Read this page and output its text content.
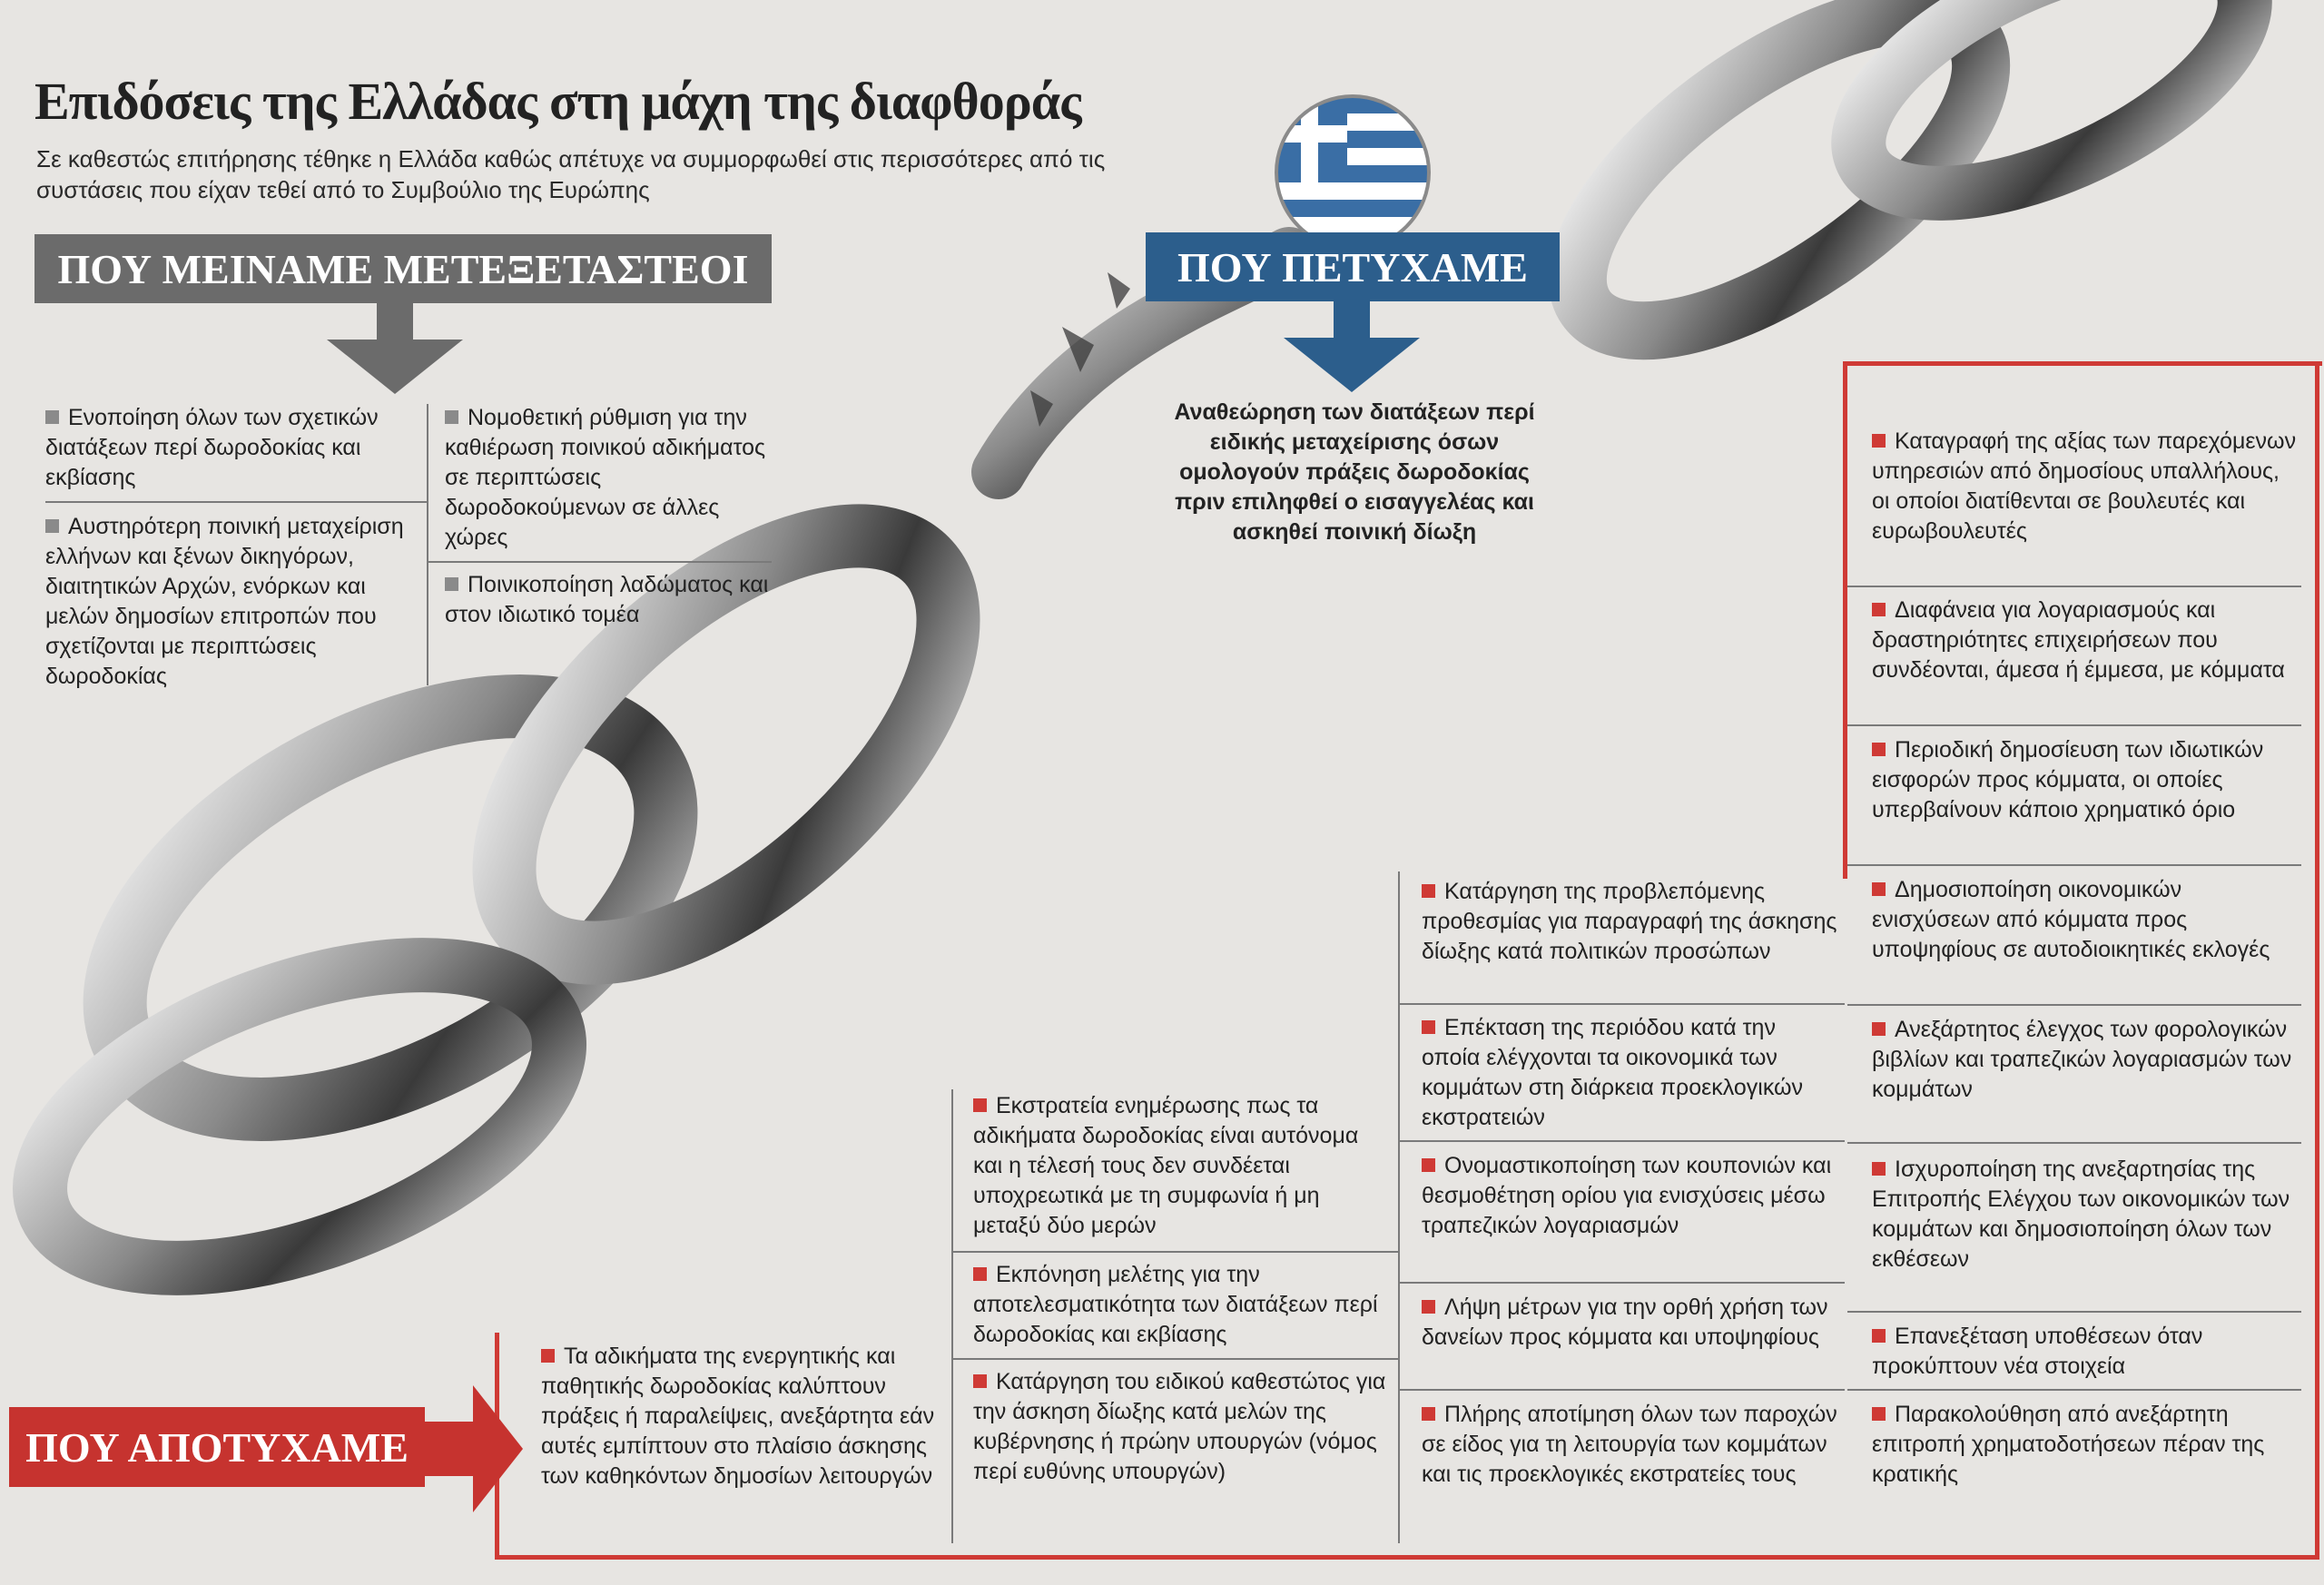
Επιδόσεις της Ελλάδας στη μάχη της διαφθοράς

Σε καθεστώς επιτήρησης τέθηκε η Ελλάδα καθώς απέτυχε να συμμορφωθεί στις περισσότερες από τις συστάσεις που είχαν τεθεί από το Συμβούλιο της Ευρώπης

ΠΟΥ ΜΕΙΝΑΜΕ ΜΕΤΕΞΕΤΑΣΤΕΟΙ
Ενοποίηση όλων των σχετικών διατάξεων περί δωροδοκίας και εκβίασης
Αυστηρότερη ποινική μεταχείριση ελλήνων και ξένων δικηγόρων, διαιτητικών Αρχών, ενόρκων και μελών δημοσίων επιτροπών που σχετίζονται με περιπτώσεις δωροδοκίας
Νομοθετική ρύθμιση για την καθιέρωση ποινικού αδικήματος σε περιπτώσεις δωροδοκούμενων σε άλλες χώρες
Ποινικοποίηση λαδώματος και στον ιδιωτικό τομέα
ΠΟΥ ΠΕΤΥΧΑΜΕ
Αναθεώρηση των διατάξεων περί ειδικής μεταχείρισης όσων ομολογούν πράξεις δωροδοκίας πριν επιληφθεί ο εισαγγελέας και ασκηθεί ποινική δίωξη
ΠΟΥ ΑΠΟΤΥΧΑΜΕ
Τα αδικήματα της ενεργητικής και παθητικής δωροδοκίας καλύπτουν πράξεις ή παραλείψεις, ανεξάρτητα εάν αυτές εμπίπτουν στο πλαίσιο άσκησης των καθηκόντων δημοσίων λειτουργών
Εκστρατεία ενημέρωσης πως τα αδικήματα δωροδοκίας είναι αυτόνομα και η τέλεσή τους δεν συνδέεται υποχρεωτικά με τη συμφωνία ή μη μεταξύ δύο μερών
Εκπόνηση μελέτης για την αποτελεσματικότητα των διατάξεων περί δωροδοκίας και εκβίασης
Κατάργηση του ειδικού καθεστώτος για την άσκηση δίωξης κατά μελών της κυβέρνησης ή πρώην υπουργών (νόμος περί ευθύνης υπουργών)
Κατάργηση της προβλεπόμενης προθεσμίας για παραγραφή της άσκησης δίωξης κατά πολιτικών προσώπων
Επέκταση της περιόδου κατά την οποία ελέγχονται τα οικονομικά των κομμάτων στη διάρκεια προεκλογικών εκστρατειών
Ονομαστικοποίηση των κουπονιών και θεσμοθέτηση ορίου για ενισχύσεις μέσω τραπεζικών λογαριασμών
Λήψη μέτρων για την ορθή χρήση των δανείων προς κόμματα και υποψηφίους
Πλήρης αποτίμηση όλων των παροχών σε είδος για τη λειτουργία των κομμάτων και τις προεκλογικές εκστρατείες τους
Καταγραφή της αξίας των παρεχόμενων υπηρεσιών από δημοσίους υπαλλήλους, οι οποίοι διατίθενται σε βουλευτές και ευρωβουλευτές
Διαφάνεια για λογαριασμούς και δραστηριότητες επιχειρήσεων που συνδέονται, άμεσα ή έμμεσα, με κόμματα
Περιοδική δημοσίευση των ιδιωτικών εισφορών προς κόμματα, οι οποίες υπερβαίνουν κάποιο χρηματικό όριο
Δημοσιοποίηση οικονομικών ενισχύσεων από κόμματα προς υποψηφίους σε αυτοδιοικητικές εκλογές
Ανεξάρτητος έλεγχος των φορολογικών βιβλίων και τραπεζικών λογαριασμών των κομμάτων
Ισχυροποίηση της ανεξαρτησίας της Επιτροπής Ελέγχου των οικονομικών των κομμάτων και δημοσιοποίηση όλων των εκθέσεων
Επανεξέταση υποθέσεων όταν προκύπτουν νέα στοιχεία
Παρακολούθηση από ανεξάρτητη επιτροπή χρηματοδοτήσεων πέραν της κρατικής
